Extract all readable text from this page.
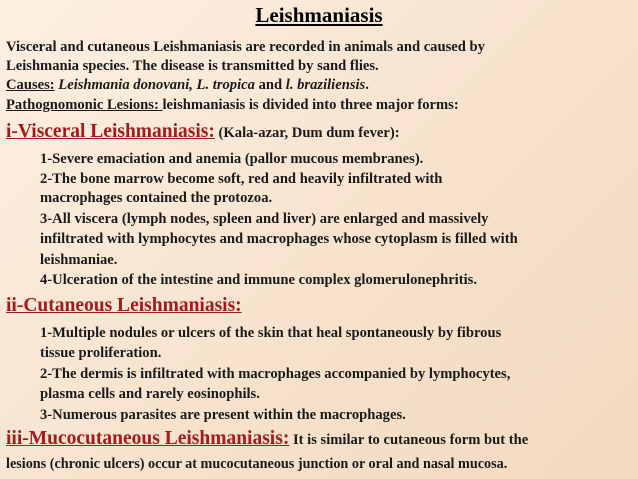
Leishmaniasis
Visceral and cutaneous Leishmaniasis are recorded in animals and caused by
Leishmania species. The disease is transmitted by sand flies.
Causes: Leishmania donovani, L. tropica and l. braziliensis.
Pathognomonic Lesions: leishmaniasis is divided into three major forms:
i-Visceral Leishmaniasis: (Kala-azar, Dum dum fever):
1-Severe emaciation and anemia (pallor mucous membranes).
2-The bone marrow become soft, red and heavily infiltrated with
macrophages contained the protozoa.
3-All viscera (lymph nodes, spleen and liver) are enlarged and massively
infiltrated with lymphocytes and macrophages whose cytoplasm is filled with
leishmaniae.
4-Ulceration of the intestine and immune complex glomerulonephritis.
ii-Cutaneous Leishmaniasis:
1-Multiple nodules or ulcers of the skin that heal spontaneously by fibrous
tissue proliferation.
2-The dermis is infiltrated with macrophages accompanied by lymphocytes,
plasma cells and rarely eosinophils.
3-Numerous parasites are present within the macrophages.
iii-Mucocutaneous Leishmaniasis: It is similar to cutaneous form but the
lesions (chronic ulcers) occur at mucocutaneous junction or oral and nasal mucosa.
